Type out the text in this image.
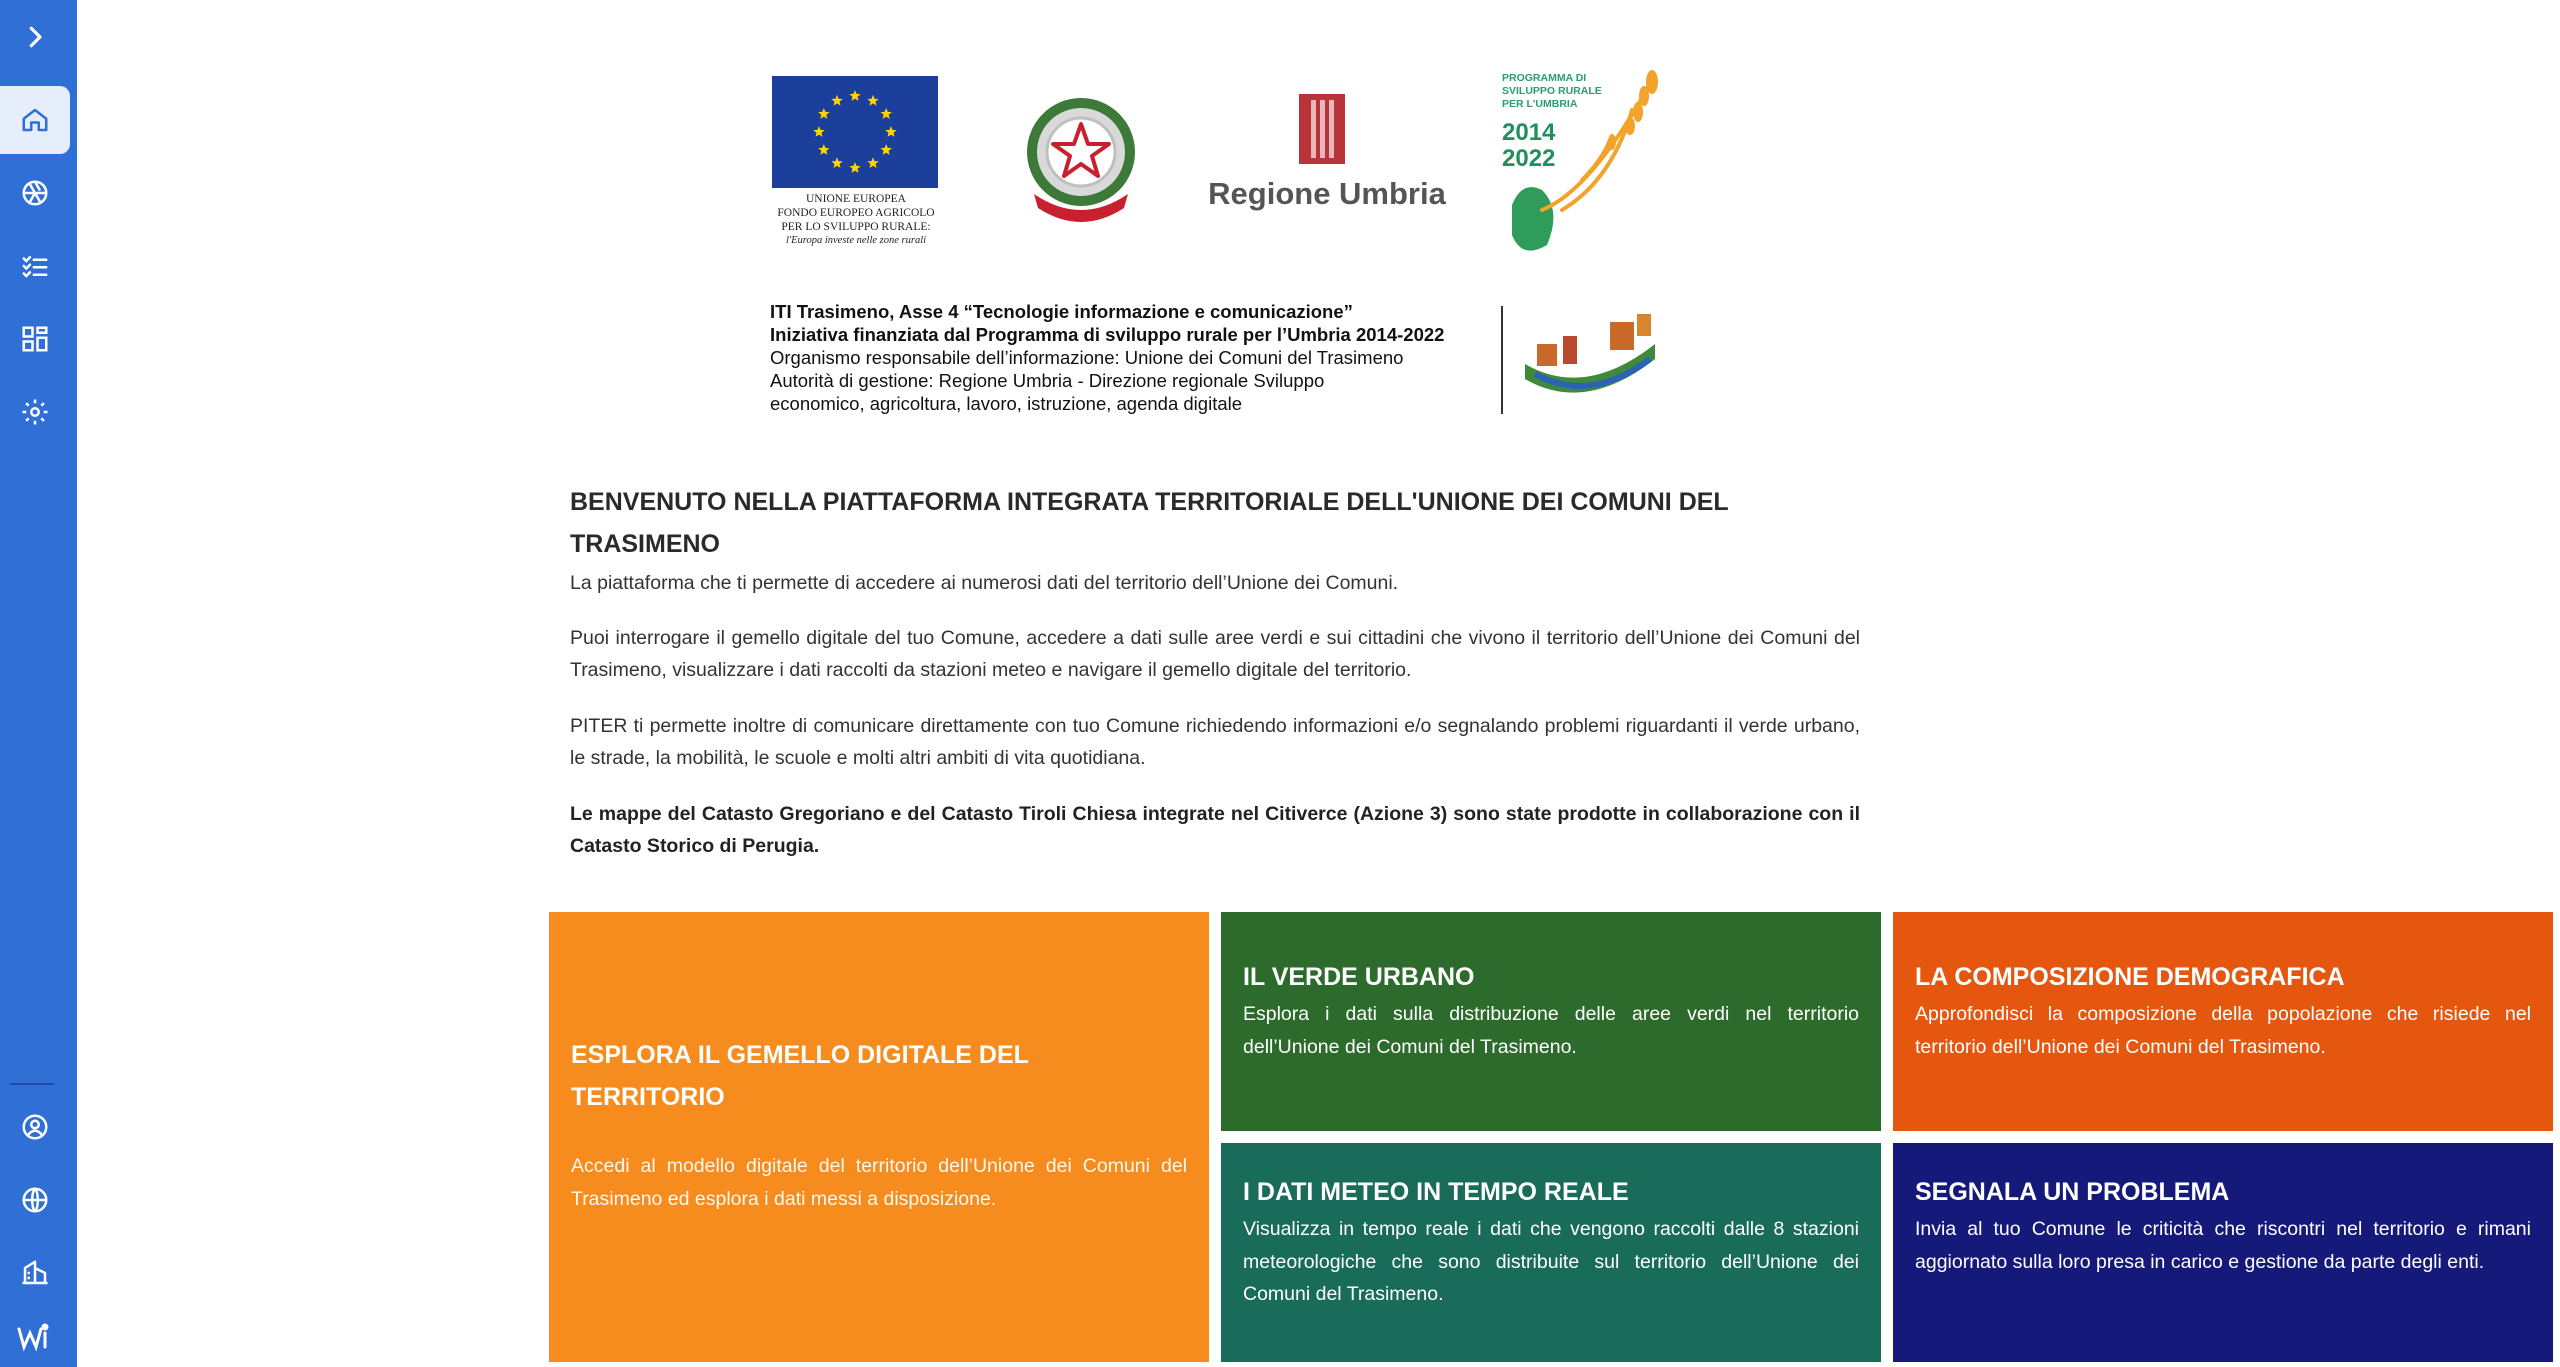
UNIONE EUROPEA
FONDO EUROPEO AGRICOLO
PER LO SVILUPPO RURALE:
l'Europa investe nelle zone rurali
Regione Umbria
PROGRAMMA DI
SVILUPPO RURALE
PER L'UMBRIA
2014
2022
ITI Trasimeno, Asse 4 “Tecnologie informazione e comunicazione”
Iniziativa finanziata dal Programma di sviluppo rurale per l’Umbria 2014-2022
Organismo responsabile dell’informazione: Unione dei Comuni del Trasimeno
Autorità di gestione: Regione Umbria - Direzione regionale Sviluppo
economico, agricoltura, lavoro, istruzione, agenda digitale
BENVENUTO NELLA PIATTAFORMA INTEGRATA TERRITORIALE DELL'UNIONE DEI COMUNI DEL TRASIMENO

La piattaforma che ti permette di accedere ai numerosi dati del territorio dell’Unione dei Comuni.

Puoi interrogare il gemello digitale del tuo Comune, accedere a dati sulle aree verdi e sui cittadini che vivono il territorio dell’Unione dei Comuni del Trasimeno, visualizzare i dati raccolti da stazioni meteo e navigare il gemello digitale del territorio.

PITER ti permette inoltre di comunicare direttamente con tuo Comune richiedendo informazioni e/o segnalando problemi riguardanti il verde urbano, le strade, la mobilità, le scuole e molti altri ambiti di vita quotidiana.

Le mappe del Catasto Gregoriano e del Catasto Tiroli Chiesa integrate nel Citiverce (Azione 3) sono state prodotte in collaborazione con il Catasto Storico di Perugia.

ESPLORA IL GEMELLO DIGITALE DEL TERRITORIO

Accedi al modello digitale del territorio dell’Unione dei Comuni del Trasimeno ed esplora i dati messi a disposizione.

IL VERDE URBANO

Esplora i dati sulla distribuzione delle aree verdi nel territorio dell’Unione dei Comuni del Trasimeno.

LA COMPOSIZIONE DEMOGRAFICA

Approfondisci la composizione della popolazione che risiede nel territorio dell’Unione dei Comuni del Trasimeno.

I DATI METEO IN TEMPO REALE

Visualizza in tempo reale i dati che vengono raccolti dalle 8 stazioni meteorologiche che sono distribuite sul territorio dell’Unione dei Comuni del Trasimeno.

SEGNALA UN PROBLEMA

Invia al tuo Comune le criticità che riscontri nel territorio e rimani aggiornato sulla loro presa in carico e gestione da parte degli enti.
